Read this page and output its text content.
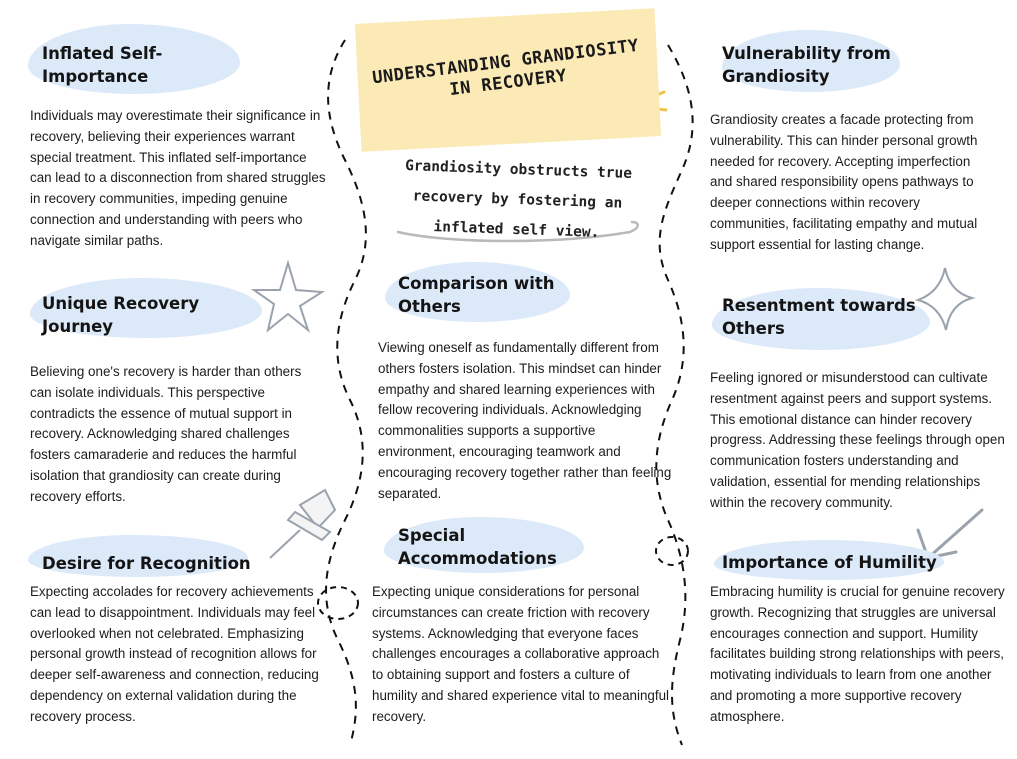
UNDERSTANDING GRANDIOSITY IN RECOVERY
Grandiosity obstructs true recovery by fostering an inflated self view.
Inflated Self-
Importance
Individuals may overestimate their significance in recovery, believing their experiences warrant special treatment. This inflated self-importance can lead to a disconnection from shared struggles in recovery communities, impeding genuine connection and understanding with peers who navigate similar paths.
Unique Recovery
Journey
Believing one's recovery is harder than others can isolate individuals. This perspective contradicts the essence of mutual support in recovery. Acknowledging shared challenges fosters camaraderie and reduces the harmful isolation that grandiosity can create during recovery efforts.
Desire for Recognition
Expecting accolades for recovery achievements can lead to disappointment. Individuals may feel overlooked when not celebrated. Emphasizing personal growth instead of recognition allows for deeper self-awareness and connection, reducing dependency on external validation during the recovery process.
Comparison with
Others
Viewing oneself as fundamentally different from others fosters isolation. This mindset can hinder empathy and shared learning experiences with fellow recovering individuals. Acknowledging commonalities supports a supportive environment, encouraging teamwork and encouraging recovery together rather than feeling separated.
Special
Accommodations
Expecting unique considerations for personal circumstances can create friction with recovery systems. Acknowledging that everyone faces challenges encourages a collaborative approach to obtaining support and fosters a culture of humility and shared experience vital to meaningful recovery.
Vulnerability from
Grandiosity
Grandiosity creates a facade protecting from vulnerability. This can hinder personal growth needed for recovery. Accepting imperfection and shared responsibility opens pathways to deeper connections within recovery communities, facilitating empathy and mutual support essential for lasting change.
Resentment towards
Others
Feeling ignored or misunderstood can cultivate resentment against peers and support systems. This emotional distance can hinder recovery progress. Addressing these feelings through open communication fosters understanding and validation, essential for mending relationships within the recovery community.
Importance of Humility
Embracing humility is crucial for genuine recovery growth. Recognizing that struggles are universal encourages connection and support. Humility facilitates building strong relationships with peers, motivating individuals to learn from one another and promoting a more supportive recovery atmosphere.
